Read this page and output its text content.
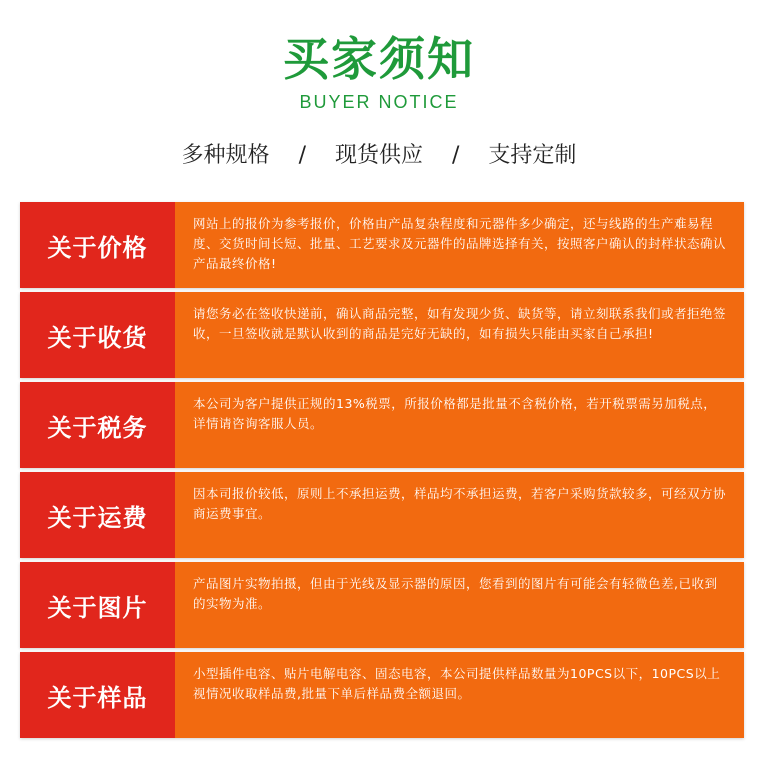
买家须知
BUYER NOTICE
多种规格 / 现货供应 / 支持定制
关于价格
网站上的报价为参考报价，价格由产品复杂程度和元器件多少确定，还与线路的生产难易程度、交货时间长短、批量、工艺要求及元器件的品牌选择有关，按照客户确认的封样状态确认产品最终价格!
关于收货
请您务必在签收快递前，确认商品完整，如有发现少货、缺货等，请立刻联系我们或者拒绝签收，一旦签收就是默认收到的商品是完好无缺的，如有损失只能由买家自己承担!
关于税务
本公司为客户提供正规的13%税票，所报价格都是批量不含税价格，若开税票需另加税点，详情请咨询客服人员。
关于运费
因本司报价较低，原则上不承担运费，样品均不承担运费，若客户采购货款较多，可经双方协商运费事宜。
关于图片
产品图片实物拍摄，但由于光线及显示器的原因，您看到的图片有可能会有轻微色差,已收到的实物为准。
关于样品
小型插件电容、贴片电解电容、固态电容，本公司提供样品数量为10PCS以下，10PCS以上视情况收取样品费,批量下单后样品费全额退回。
